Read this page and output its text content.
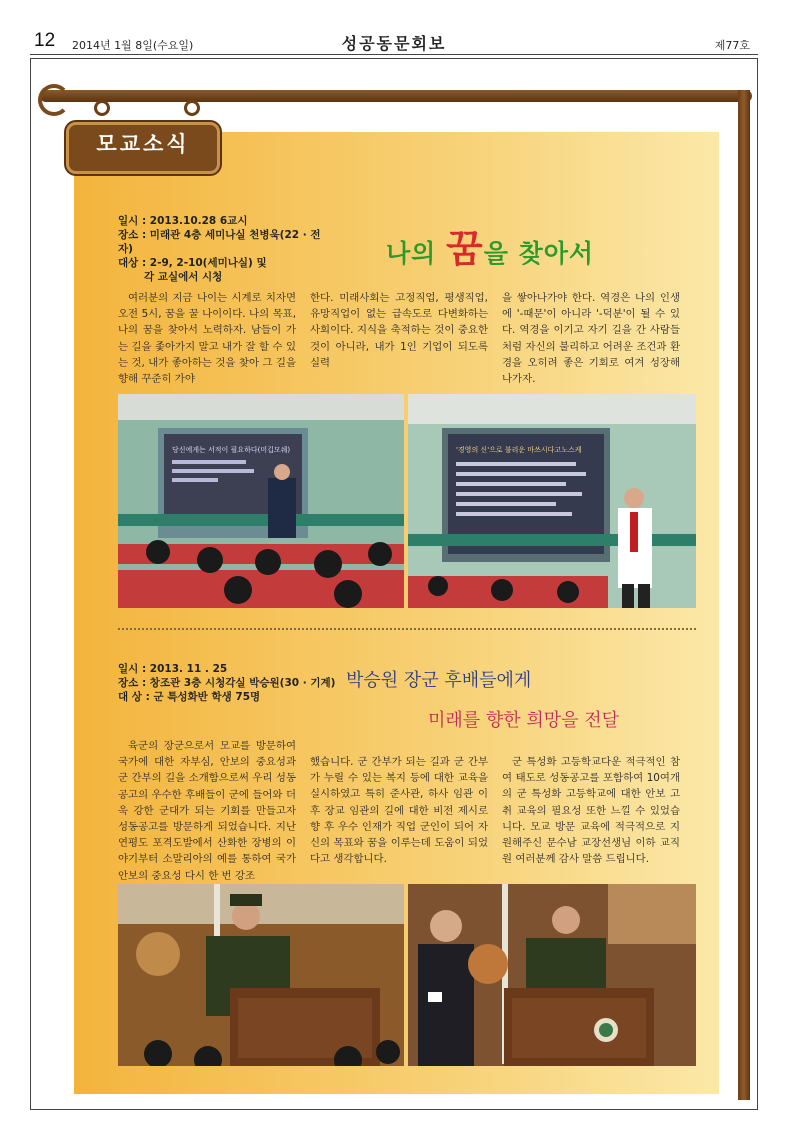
12 2014년 1월 8일(수요일)	성공동문회보	제77호
모교소식
일시 : 2013.10.28 6교시
장소 : 미래관 4층 세미나실 천병욱(22 · 전자)
대상 : 2-9, 2-10(세미나실) 및
각 교실에서 시청
나의 꿈을 찾아서
여러분의 지금 나이는 시계로 치자면 오전 5시, 꿈을 꿀 나이이다. 나의 목표, 나의 꿈을 찾아서 노력하자. 남들이 가는 길을 좇아가지 말고 내가 잘 할 수 있는 것, 내가 좋아하는 것을 찾아 그 길을 향해 꾸준히 가야
한다. 미래사회는 고정직업, 평생직업, 유망직업이 없는 급속도로 다변화하는 사회이다. 지식을 축적하는 것이 중요한 것이 아니라, 내가 1인 기업이 되도록 실력
을 쌓아나가야 한다. 역경은 나의 인생에 '-때문'이 아니라 '-덕분'이 될 수 있다. 역경을 이기고 자기 길을 간 사람들처럼 자신의 불리하고 어려운 조건과 환경을 오히려 좋은 기회로 여겨 성장해 나가자.
당신에게는 서적이 필요하다(미깁모쉐)	'경영의 신'으로 불리운 마쓰시다고노스케
일시 : 2013. 11 . 25
장소 : 창조관 3층 시청각실 박승원(30 · 기계)
대 상 : 군 특성화반 학생 75명
박승원 장군 후배들에게
미래를 향한 희망을 전달
육군의 장군으로서 모교를 방문하여 국가에 대한 자부심, 안보의 중요성과 군 간부의 길을 소개함으로써 우리 성동공고의 우수한 후배들이 군에 들어와 더욱 강한 군대가 되는 기회를 만들고자 성동공고를 방문하게 되었습니다. 지난 연평도 포격도발에서 산화한 장병의 이야기부터 소말리아의 예를 통하여 국가 안보의 중요성 다시 한 번 강조
했습니다. 군 간부가 되는 길과 군 간부가 누릴 수 있는 복지 등에 대한 교육을 실시하였고 특히 준사관, 하사 임관 이후 장교 임관의 길에 대한 비전 제시로 향 후 우수 인재가 직업 군인이 되어 자신의 목표와 꿈을 이루는데 도움이 되었다고 생각합니다.
군 특성화 고등학교다운 적극적인 참여 태도로 성동공고를 포함하여 10여개의 군 특성화 고등학교에 대한 안보 고취 교육의 필요성 또한 느낄 수 있었습니다. 모교 방문 교육에 적극적으로 지원해주신 문수남 교장선생님 이하 교직원 여러분께 감사 말씀 드립니다.
